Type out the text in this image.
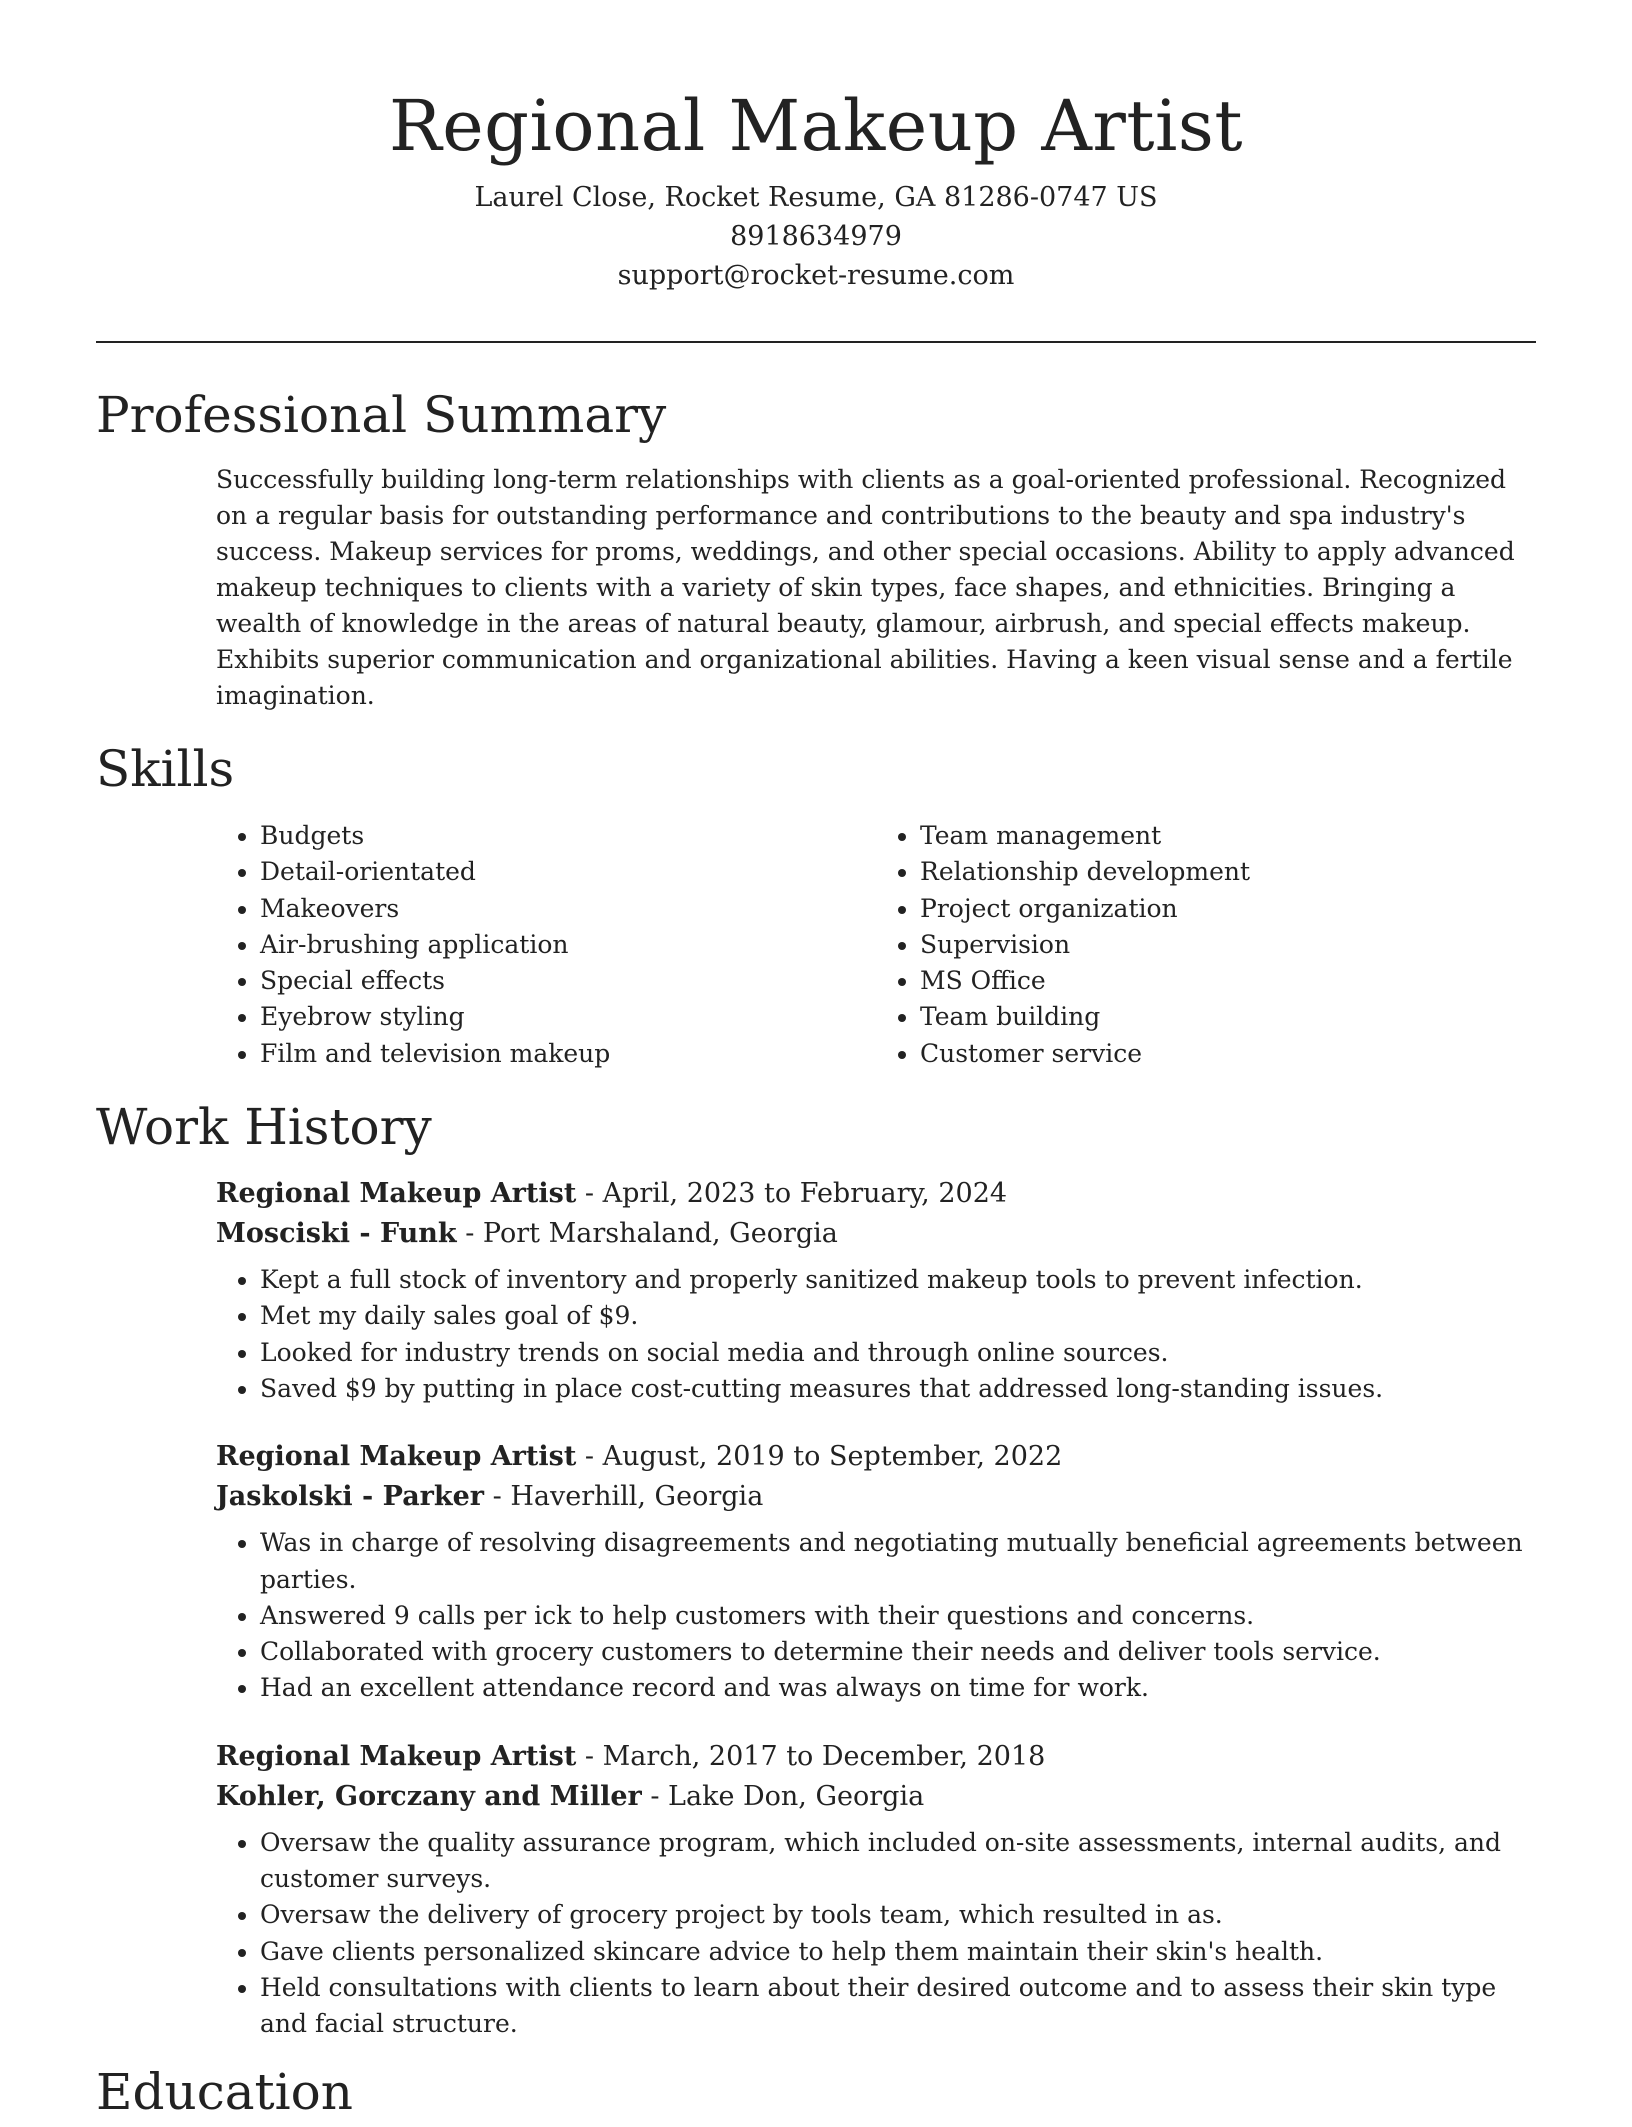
Regional Makeup Artist
Laurel Close, Rocket Resume, GA 81286-0747 US
8918634979
support@rocket-resume.com
Professional Summary

Successfully building long-term relationships with clients as a goal-oriented professional. Recognized on a regular basis for outstanding performance and contributions to the beauty and spa industry's success. Makeup services for proms, weddings, and other special occasions. Ability to apply advanced makeup techniques to clients with a variety of skin types, face shapes, and ethnicities. Bringing a wealth of knowledge in the areas of natural beauty, glamour, airbrush, and special effects makeup. Exhibits superior communication and organizational abilities. Having a keen visual sense and a fertile imagination.

Skills
• Budgets
• Detail-orientated
• Makeovers
• Air-brushing application
• Special effects
• Eyebrow styling
• Film and television makeup
• Team management
• Relationship development
• Project organization
• Supervision
• MS Office
• Team building
• Customer service
Work History
Regional Makeup Artist - April, 2023 to February, 2024
Mosciski - Funk - Port Marshaland, Georgia
• Kept a full stock of inventory and properly sanitized makeup tools to prevent infection.
• Met my daily sales goal of $9.
• Looked for industry trends on social media and through online sources.
• Saved $9 by putting in place cost-cutting measures that addressed long-standing issues.
Regional Makeup Artist - August, 2019 to September, 2022
Jaskolski - Parker - Haverhill, Georgia
• Was in charge of resolving disagreements and negotiating mutually beneficial agreements between parties.
• Answered 9 calls per ick to help customers with their questions and concerns.
• Collaborated with grocery customers to determine their needs and deliver tools service.
• Had an excellent attendance record and was always on time for work.
Regional Makeup Artist - March, 2017 to December, 2018
Kohler, Gorczany and Miller - Lake Don, Georgia
• Oversaw the quality assurance program, which included on-site assessments, internal audits, and customer surveys.
• Oversaw the delivery of grocery project by tools team, which resulted in as.
• Gave clients personalized skincare advice to help them maintain their skin's health.
• Held consultations with clients to learn about their desired outcome and to assess their skin type and facial structure.
Education
